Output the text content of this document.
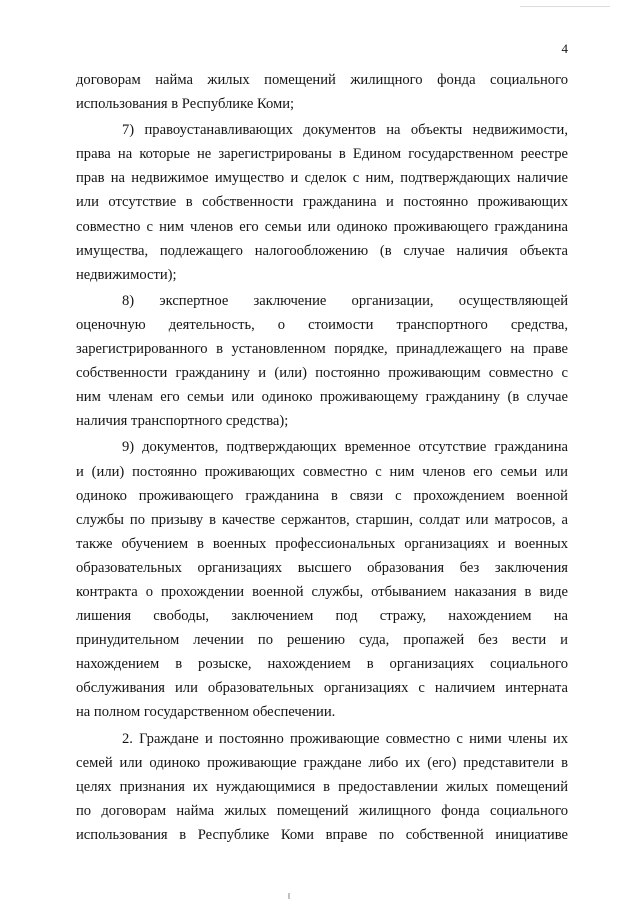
4
договорам найма жилых помещений жилищного фонда социального
использования в Республике Коми;
7) правоустанавливающих документов на объекты недвижимости,
права на которые не зарегистрированы в Едином государственном реестре
прав на недвижимое имущество и сделок с ним, подтверждающих наличие
или отсутствие в собственности гражданина и постоянно проживающих
совместно с ним членов его семьи или одиноко проживающего гражданина
имущества, подлежащего налогообложению (в случае наличия объекта
недвижимости);
8) экспертное заключение организации, осуществляющей
оценочную деятельность, о стоимости транспортного средства,
зарегистрированного в установленном порядке, принадлежащего на праве
собственности гражданину и (или) постоянно проживающим совместно с
ним членам его семьи или одиноко проживающему гражданину (в случае
наличия транспортного средства);
9) документов, подтверждающих временное отсутствие гражданина
и (или) постоянно проживающих совместно с ним членов его семьи или
одиноко проживающего гражданина в связи с прохождением военной
службы по призыву в качестве сержантов, старшин, солдат или матросов, а
также обучением в военных профессиональных организациях и военных
образовательных организациях высшего образования без заключения
контракта о прохождении военной службы, отбыванием наказания в виде
лишения свободы, заключением под стражу, нахождением на
принудительном лечении по решению суда, пропажей без вести и
нахождением в розыске, нахождением в организациях социального
обслуживания или образовательных организациях с наличием интерната
на полном государственном обеспечении.
2. Граждане и постоянно проживающие совместно с ними члены их
семей или одиноко проживающие граждане либо их (его) представители в
целях признания их нуждающимися в предоставлении жилых помещений
по договорам найма жилых помещений жилищного фонда социального
использования в Республике Коми вправе по собственной инициативе
